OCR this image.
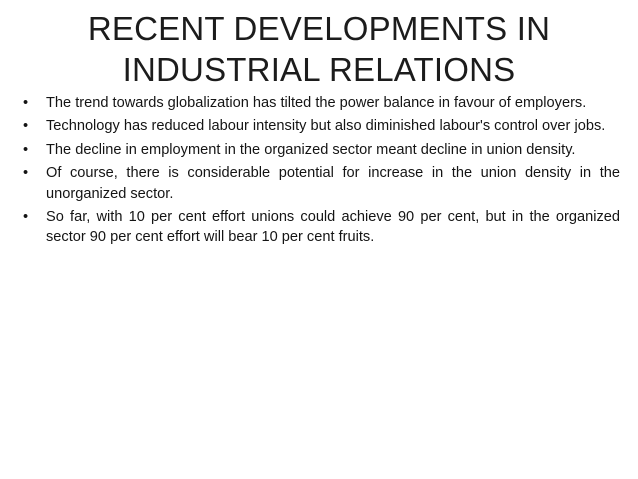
RECENT DEVELOPMENTS IN INDUSTRIAL RELATIONS
• The trend towards globalization has tilted the power balance in favour of employers.
• Technology has reduced labour intensity but also diminished labour's control over jobs.
• The decline in employment in the organized sector meant decline in union density.
• Of course, there is considerable potential for increase in the union density in the unorganized sector.
• So far, with 10 per cent effort unions could achieve 90 per cent, but in the organized sector 90 per cent effort will bear 10 per cent fruits.
